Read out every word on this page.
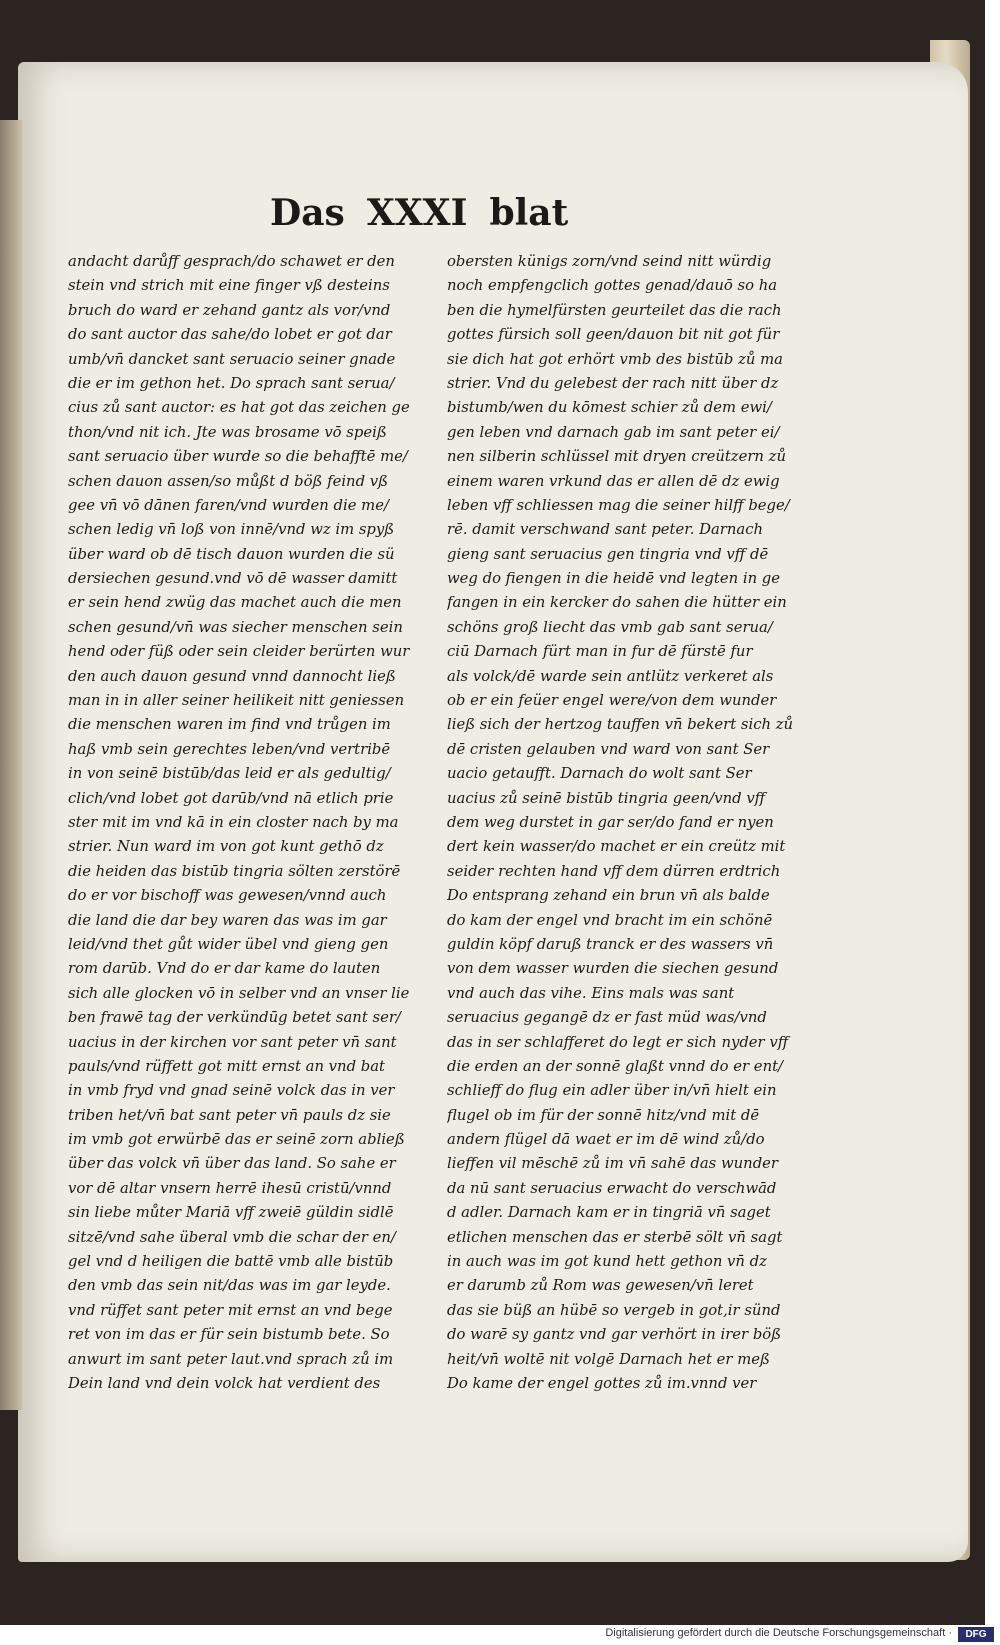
Das XXXI blat
andacht darůff gesprach/do schawet er den
stein vnd strich mit eine finger vß desteins
bruch do ward er zehand gantz als vor/vnd
do sant auctor das sahe/do lobet er got dar
umb/vn̄ dancket sant seruacio seiner gnade
die er im gethon het. Do sprach sant serua/
cius zů sant auctor: es hat got das zeichen ge
thon/vnd nit ich. Jte was brosame vō speiß
sant seruacio über wurde so die behafftē me/
schen dauon assen/so můßt d böß feind vß
gee vn̄ vō dānen faren/vnd wurden die me/
schen ledig vn̄ loß von innē/vnd wz im spyß
über ward ob dē tisch dauon wurden die sü
dersiechen gesund.vnd vō dē wasser damitt
er sein hend zwüg das machet auch die men
schen gesund/vn̄ was siecher menschen sein
hend oder füß oder sein cleider berürten wur
den auch dauon gesund vnnd dannocht ließ
man in in aller seiner heilikeit nitt geniessen
die menschen waren im find vnd trůgen im
haß vmb sein gerechtes leben/vnd vertribē
in von seinē bistūb/das leid er als gedultig/
clich/vnd lobet got darūb/vnd nā etlich prie
ster mit im vnd kā in ein closter nach by ma
strier. Nun ward im von got kunt gethō dz
die heiden das bistūb tingria sölten zerstörē
do er vor bischoff was gewesen/vnnd auch
die land die dar bey waren das was im gar
leid/vnd thet gůt wider übel vnd gieng gen
rom darūb. Vnd do er dar kame do lauten
sich alle glocken vō in selber vnd an vnser lie
ben frawē tag der verkündūg betet sant ser/
uacius in der kirchen vor sant peter vn̄ sant
pauls/vnd rüffett got mitt ernst an vnd bat
in vmb fryd vnd gnad seinē volck das in ver
triben het/vn̄ bat sant peter vn̄ pauls dz sie
im vmb got erwürbē das er seinē zorn abließ
über das volck vn̄ über das land. So sahe er
vor dē altar vnsern herrē ihesū cristū/vnnd
sin liebe můter Mariā vff zweiē güldin sidlē
sitzē/vnd sahe überal vmb die schar der en/
gel vnd d heiligen die battē vmb alle bistūb
den vmb das sein nit/das was im gar leyde.
vnd rüffet sant peter mit ernst an vnd bege
ret von im das er für sein bistumb bete. So
anwurt im sant peter laut.vnd sprach zů im
Dein land vnd dein volck hat verdient des
obersten künigs zorn/vnd seind nitt würdig
noch empfengclich gottes genad/dauō so ha
ben die hymelfürsten geurteilet das die rach
gottes fürsich soll geen/dauon bit nit got für
sie dich hat got erhört vmb des bistūb zů ma
strier. Vnd du gelebest der rach nitt über dz
bistumb/wen du kōmest schier zů dem ewi/
gen leben vnd darnach gab im sant peter ei/
nen silberin schlüssel mit dryen creützern zů
einem waren vrkund das er allen dē dz ewig
leben vff schliessen mag die seiner hilff bege/
rē. damit verschwand sant peter. Darnach
gieng sant seruacius gen tingria vnd vff dē
weg do fiengen in die heidē vnd legten in ge
fangen in ein kercker do sahen die hütter ein
schöns groß liecht das vmb gab sant serua/
ciū Darnach fürt man in fur dē fürstē fur
als volck/dē warde sein antlütz verkeret als
ob er ein feüer engel were/von dem wunder
ließ sich der hertzog tauffen vn̄ bekert sich zů
dē cristen gelauben vnd ward von sant Ser
uacio getaufft. Darnach do wolt sant Ser
uacius zů seinē bistūb tingria geen/vnd vff
dem weg durstet in gar ser/do fand er nyen
dert kein wasser/do machet er ein creütz mit
seider rechten hand vff dem dürren erdtrich
Do entsprang zehand ein brun vn̄ als balde
do kam der engel vnd bracht im ein schönē
guldin köpf daruß tranck er des wassers vn̄
von dem wasser wurden die siechen gesund
vnd auch das vihe. Eins mals was sant
seruacius gegangē dz er fast müd was/vnd
das in ser schlafferet do legt er sich nyder vff
die erden an der sonnē glaßt vnnd do er ent/
schlieff do flug ein adler über in/vn̄ hielt ein
flugel ob im für der sonnē hitz/vnd mit dē
andern flügel dā waet er im dē wind zů/do
lieffen vil mēschē zů im vn̄ sahē das wunder
da nū sant seruacius erwacht do verschwād
d adler. Darnach kam er in tingriā vn̄ saget
etlichen menschen das er sterbē sölt vn̄ sagt
in auch was im got kund hett gethon vn̄ dz
er darumb zů Rom was gewesen/vn̄ leret
das sie büß an hübē so vergeb in got,ir sünd
do warē sy gantz vnd gar verhört in irer böß
heit/vn̄ woltē nit volgē Darnach het er meß
Do kame der engel gottes zů im.vnnd ver
Digitalisierung gefördert durch die Deutsche Forschungsgemeinschaft ·	DFG
